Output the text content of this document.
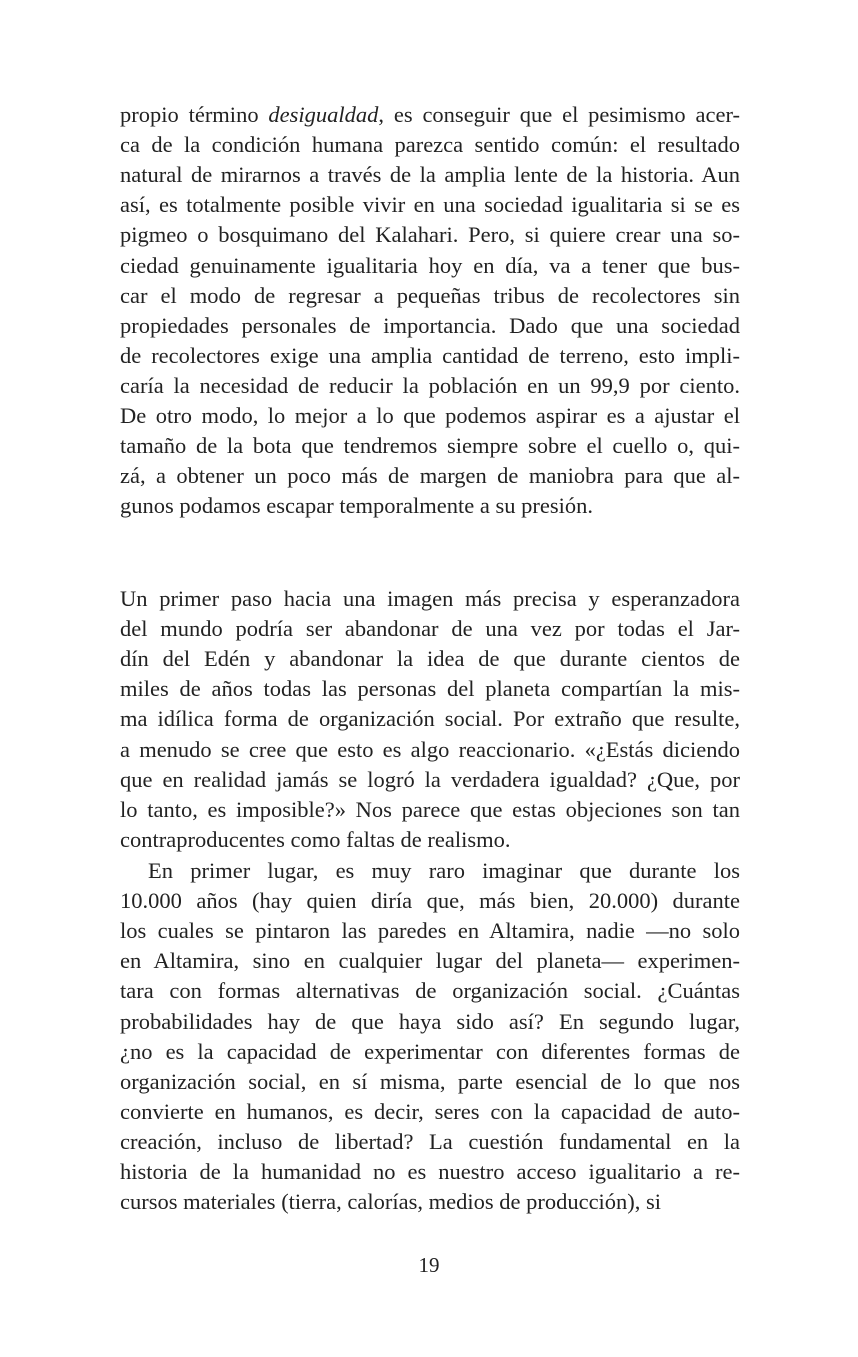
propio término desigualdad, es conseguir que el pesimismo acer-
ca de la condición humana parezca sentido común: el resultado
natural de mirarnos a través de la amplia lente de la historia. Aun
así, es totalmente posible vivir en una sociedad igualitaria si se es
pigmeo o bosquimano del Kalahari. Pero, si quiere crear una so-
ciedad genuinamente igualitaria hoy en día, va a tener que bus-
car el modo de regresar a pequeñas tribus de recolectores sin
propiedades personales de importancia. Dado que una sociedad
de recolectores exige una amplia cantidad de terreno, esto impli-
caría la necesidad de reducir la población en un 99,9 por ciento.
De otro modo, lo mejor a lo que podemos aspirar es a ajustar el
tamaño de la bota que tendremos siempre sobre el cuello o, qui-
zá, a obtener un poco más de margen de maniobra para que al-
gunos podamos escapar temporalmente a su presión.
Un primer paso hacia una imagen más precisa y esperanzadora
del mundo podría ser abandonar de una vez por todas el Jar-
dín del Edén y abandonar la idea de que durante cientos de
miles de años todas las personas del planeta compartían la mis-
ma idílica forma de organización social. Por extraño que resulte,
a menudo se cree que esto es algo reaccionario. «¿Estás diciendo
que en realidad jamás se logró la verdadera igualdad? ¿Que, por
lo tanto, es imposible?» Nos parece que estas objeciones son tan
contraproducentes como faltas de realismo.
En primer lugar, es muy raro imaginar que durante los
10.000 años (hay quien diría que, más bien, 20.000) durante
los cuales se pintaron las paredes en Altamira, nadie —no solo
en Altamira, sino en cualquier lugar del planeta— experimen-
tara con formas alternativas de organización social. ¿Cuántas
probabilidades hay de que haya sido así? En segundo lugar,
¿no es la capacidad de experimentar con diferentes formas de
organización social, en sí misma, parte esencial de lo que nos
convierte en humanos, es decir, seres con la capacidad de auto-
creación, incluso de libertad? La cuestión fundamental en la
historia de la humanidad no es nuestro acceso igualitario a re-
cursos materiales (tierra, calorías, medios de producción), si
19
